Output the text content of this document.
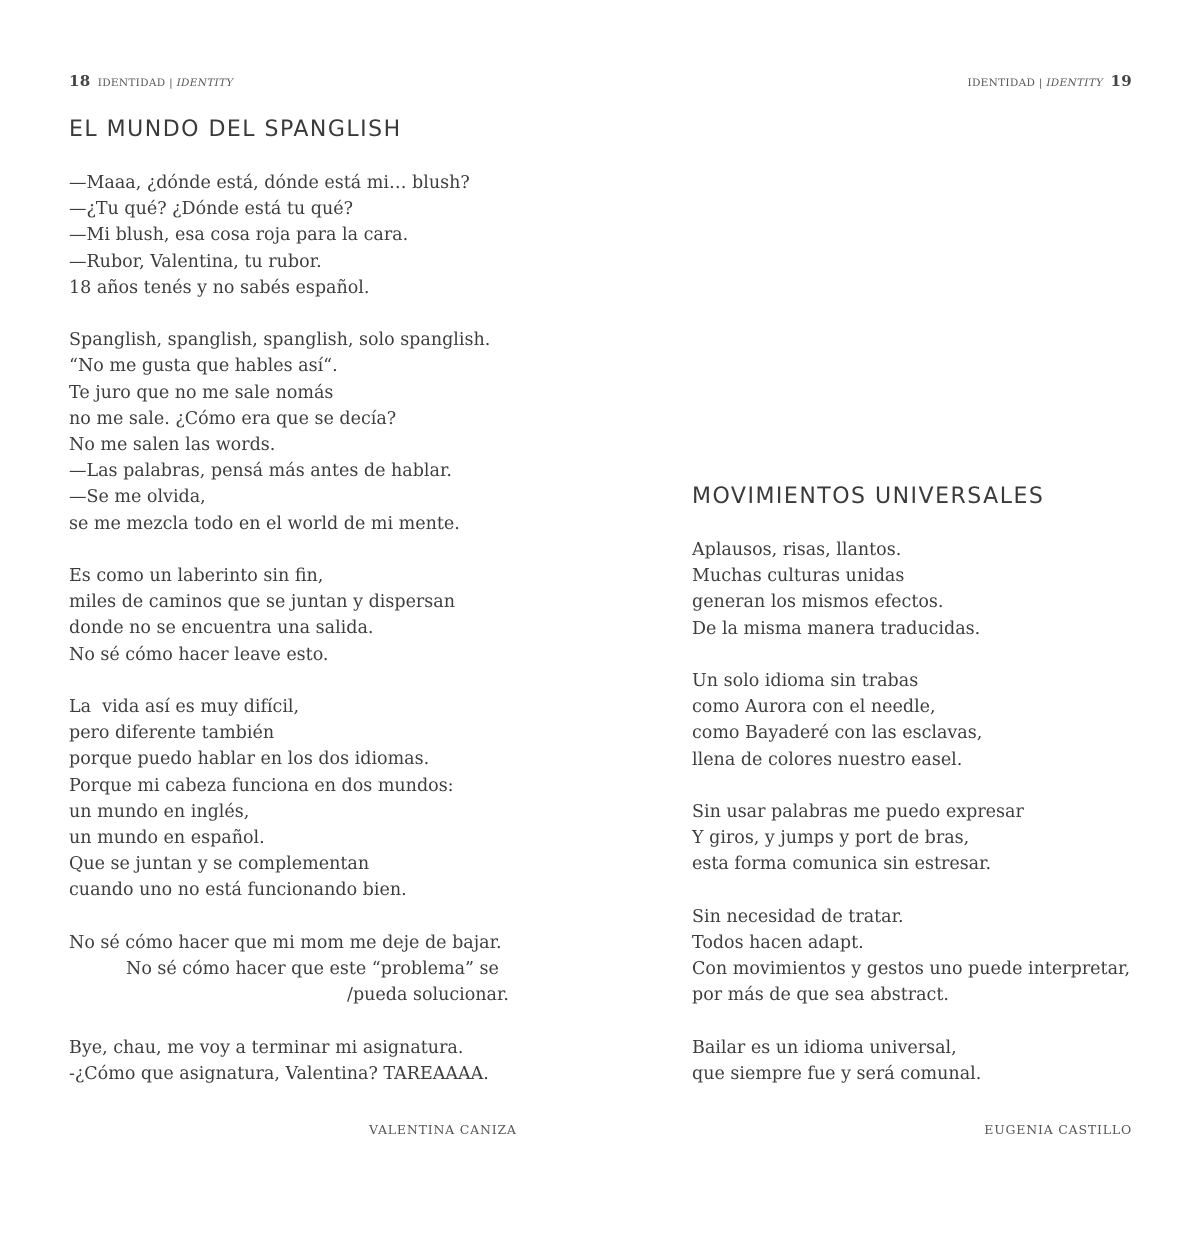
18 IDENTIDAD | IDENTITY
EL MUNDO DEL SPANGLISH
—Maaa, ¿dónde está, dónde está mi… blush?
—¿Tu qué? ¿Dónde está tu qué?
—Mi blush, esa cosa roja para la cara.
—Rubor, Valentina, tu rubor.
18 años tenés y no sabés español.
Spanglish, spanglish, spanglish, solo spanglish.
“No me gusta que hables así“.
Te juro que no me sale nomás
no me sale. ¿Cómo era que se decía?
No me salen las words.
—Las palabras, pensá más antes de hablar.
—Se me olvida,
se me mezcla todo en el world de mi mente.
Es como un laberinto sin fin,
miles de caminos que se juntan y dispersan
donde no se encuentra una salida.
No sé cómo hacer leave esto.
La  vida así es muy difícil,
pero diferente también
porque puedo hablar en los dos idiomas.
Porque mi cabeza funciona en dos mundos:
un mundo en inglés,
un mundo en español.
Que se juntan y se complementan
cuando uno no está funcionando bien.
No sé cómo hacer que mi mom me deje de bajar.
No sé cómo hacer que este “problema” se
/pueda solucionar.
Bye, chau, me voy a terminar mi asignatura.
-¿Cómo que asignatura, Valentina? TAREAAAA.
VALENTINA CANIZA
IDENTIDAD | IDENTITY 19
MOVIMIENTOS UNIVERSALES
Aplausos, risas, llantos.
Muchas culturas unidas
generan los mismos efectos.
De la misma manera traducidas.
Un solo idioma sin trabas
como Aurora con el needle,
como Bayaderé con las esclavas,
llena de colores nuestro easel.
Sin usar palabras me puedo expresar
Y giros, y jumps y port de bras,
esta forma comunica sin estresar.
Sin necesidad de tratar.
Todos hacen adapt.
Con movimientos y gestos uno puede interpretar,
por más de que sea abstract.
Bailar es un idioma universal,
que siempre fue y será comunal.
EUGENIA CASTILLO
